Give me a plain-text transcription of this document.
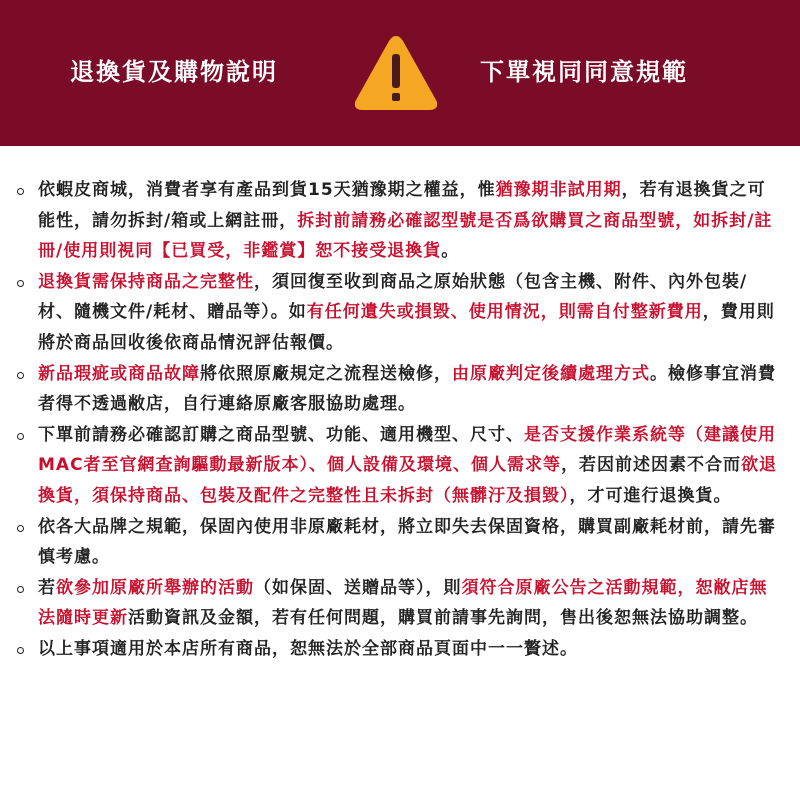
退換貨及購物說明	下單視同同意規範
依蝦皮商城，消費者享有產品到貨15天猶豫期之權益，惟猶豫期非試用期，若有退換貨之可能性，請勿拆封/箱或上網註冊，拆封前請務必確認型號是否爲欲購買之商品型號，如拆封/註冊/使用則視同【已買受，非鑑賞】恕不接受退換貨。
退換貨需保持商品之完整性，須回復至收到商品之原始狀態（包含主機、附件、內外包裝/材、隨機文件/耗材、贈品等）。如有任何遺失或損毀、使用情況，則需自付整新費用，費用則將於商品回收後依商品情況評估報價。
新品瑕疵或商品故障將依照原廠規定之流程送檢修，由原廠判定後續處理方式。檢修事宜消費者得不透過敝店，自行連絡原廠客服協助處理。
下單前請務必確認訂購之商品型號、功能、適用機型、尺寸、是否支援作業系統等（建議使用MAC者至官網查詢驅動最新版本）、個人設備及環境、個人需求等，若因前述因素不合而欲退換貨，須保持商品、包裝及配件之完整性且未拆封（無髒汙及損毀），才可進行退換貨。
依各大品牌之規範，保固內使用非原廠耗材，將立即失去保固資格，購買副廠耗材前，請先審慎考慮。
若欲參加原廠所舉辦的活動（如保固、送贈品等），則須符合原廠公告之活動規範，恕敝店無法隨時更新活動資訊及金額，若有任何問題，購買前請事先詢問，售出後恕無法協助調整。
以上事項適用於本店所有商品，恕無法於全部商品頁面中一一贅述。
